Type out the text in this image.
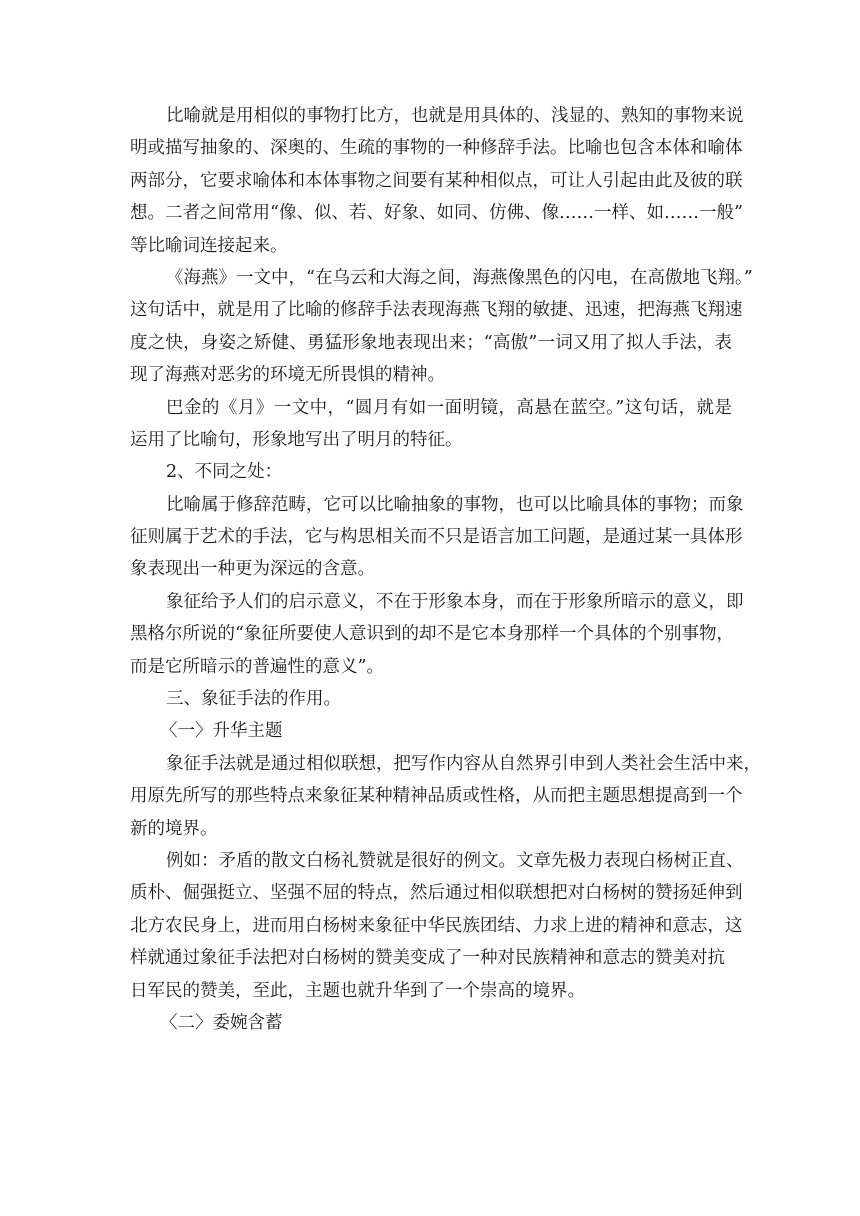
比喻就是用相似的事物打比方，也就是用具体的、浅显的、熟知的事物来说
明或描写抽象的、深奥的、生疏的事物的一种修辞手法。比喻也包含本体和喻体
两部分，它要求喻体和本体事物之间要有某种相似点，可让人引起由此及彼的联
想。二者之间常用“像、似、若、好象、如同、仿佛、像……一样、如……一般”
等比喻词连接起来。
《海燕》一文中，“在乌云和大海之间，海燕像黑色的闪电，在高傲地飞翔。”
这句话中，就是用了比喻的修辞手法表现海燕飞翔的敏捷、迅速，把海燕飞翔速
度之快，身姿之矫健、勇猛形象地表现出来；“高傲”一词又用了拟人手法，表
现了海燕对恶劣的环境无所畏惧的精神。
巴金的《月》一文中，“圆月有如一面明镜，高悬在蓝空。”这句话，就是
运用了比喻句，形象地写出了明月的特征。
2、不同之处：
比喻属于修辞范畴，它可以比喻抽象的事物，也可以比喻具体的事物；而象
征则属于艺术的手法，它与构思相关而不只是语言加工问题，是通过某一具体形
象表现出一种更为深远的含意。
象征给予人们的启示意义，不在于形象本身，而在于形象所暗示的意义，即
黑格尔所说的“象征所要使人意识到的却不是它本身那样一个具体的个别事物，
而是它所暗示的普遍性的意义”。
三、象征手法的作用。
〈一〉升华主题
象征手法就是通过相似联想，把写作内容从自然界引申到人类社会生活中来，
用原先所写的那些特点来象征某种精神品质或性格，从而把主题思想提高到一个
新的境界。
例如：矛盾的散文白杨礼赞就是很好的例文。文章先极力表现白杨树正直、
质朴、倔强挺立、坚强不屈的特点，然后通过相似联想把对白杨树的赞扬延伸到
北方农民身上，进而用白杨树来象征中华民族团结、力求上进的精神和意志，这
样就通过象征手法把对白杨树的赞美变成了一种对民族精神和意志的赞美对抗
日军民的赞美，至此，主题也就升华到了一个崇高的境界。
〈二〉委婉含蓄
